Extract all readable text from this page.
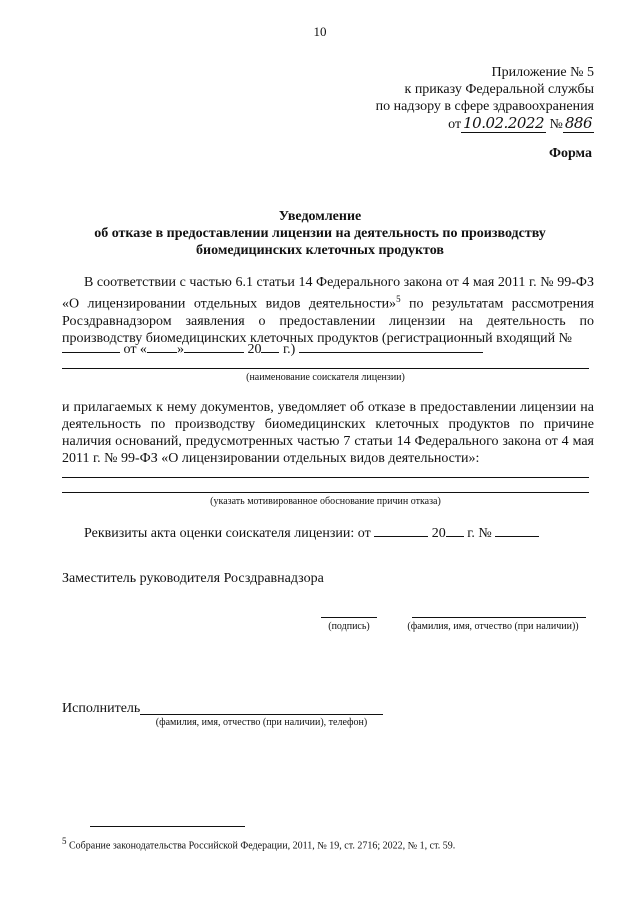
10
Приложение № 5
к приказу Федеральной службы
по надзору в сфере здравоохранения
от 10.02.2022 № 886
Форма
Уведомление
об отказе в предоставлении лицензии на деятельность по производству
биомедицинских клеточных продуктов
В соответствии с частью 6.1 статьи 14 Федерального закона от 4 мая 2011 г. № 99-ФЗ «О лицензировании отдельных видов деятельности»$^5$ по результатам рассмотрения Росздравнадзором заявления о предоставлении лицензии на деятельность по производству биомедицинских клеточных продуктов (регистрационный входящий №
от « »	20 г.)
(наименование соискателя лицензии)
и прилагаемых к нему документов, уведомляет об отказе в предоставлении лицензии на деятельность по производству биомедицинских клеточных продуктов по причине наличия оснований, предусмотренных частью 7 статьи 14 Федерального закона от 4 мая 2011 г. № 99-ФЗ «О лицензировании отдельных видов деятельности»:
(указать мотивированное обоснование причин отказа)
Реквизиты акта оценки соискателя лицензии: от	20 г. №
Заместитель руководителя Росздравнадзора
(подпись)	(фамилия, имя, отчество (при наличии))
Исполнитель
(фамилия, имя, отчество (при наличии), телефон)
$^5$ Собрание законодательства Российской Федерации, 2011, № 19, ст. 2716; 2022, № 1, ст. 59.
